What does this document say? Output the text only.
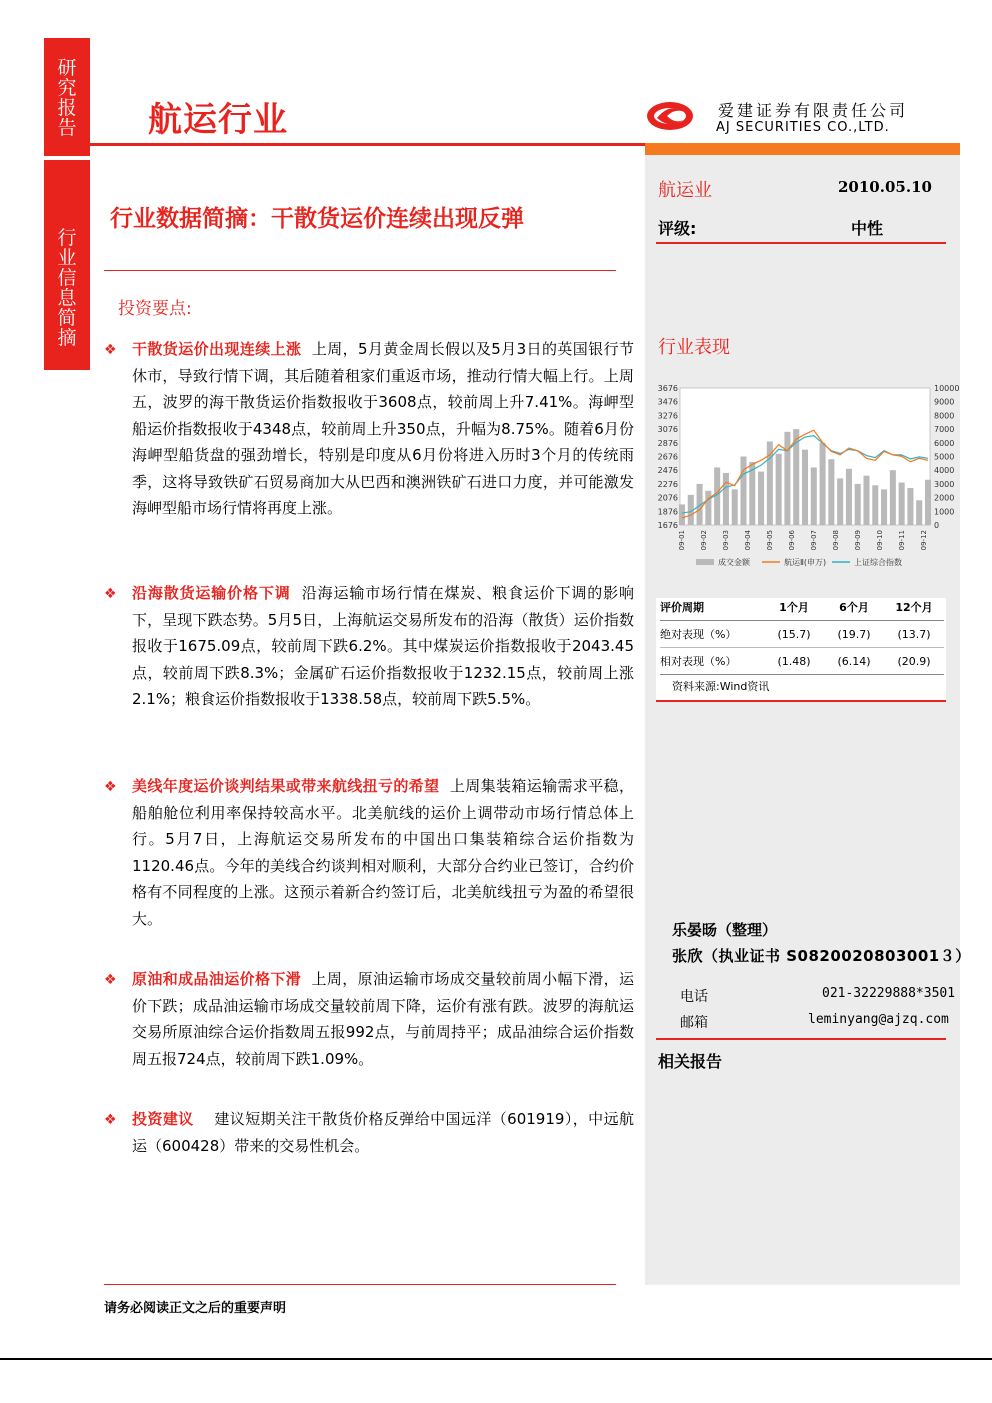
研究报告
行业信息简摘
航运行业	爱建证券有限责任公司
AJ SECURITIES CO.,LTD.
航运业	2010.05.10
评级:	中性
行业表现
3676
3476
3276
3076
2876
2676
2476
2276
2076
1876
1676
10000
9000
8000
7000
6000
5000
4000
3000
2000
1000
0
09-01 09-02 09-03 09-04 09-05 09-06 09-07 09-08 09-09 09-10 09-11 09-12
成交金额	航运Ⅱ(申万)	上证综合指数
评价周期	1个月	6个月	12个月
绝对表现（%）	(15.7)	(19.7)	(13.7)
相对表现（%）	(1.48)	(6.14)	(20.9)
资料来源:Wind资讯
乐晏旸（整理）
张欣（执业证书 S0820020803001３）
电话	021-32229888*3501
邮箱	leminyang@ajzq.com
相关报告
行业数据简摘：干散货运价连续出现反弹
投资要点:
❖ 干散货运价出现连续上涨 上周，5月黄金周长假以及5月3日的英国银行节休市，导致行情下调，其后随着租家们重返市场，推动行情大幅上行。上周五，波罗的海干散货运价指数报收于3608点，较前周上升7.41%。海岬型船运价指数报收于4348点，较前周上升350点，升幅为8.75%。随着6月份海岬型船货盘的强劲增长，特别是印度从6月份将进入历时3个月的传统雨季，这将导致铁矿石贸易商加大从巴西和澳洲铁矿石进口力度，并可能激发海岬型船市场行情将再度上涨。
❖ 沿海散货运输价格下调 沿海运输市场行情在煤炭、粮食运价下调的影响下，呈现下跌态势。5月5日，上海航运交易所发布的沿海（散货）运价指数报收于1675.09点，较前周下跌6.2%。其中煤炭运价指数报收于2043.45点，较前周下跌8.3%；金属矿石运价指数报收于1232.15点，较前周上涨2.1%；粮食运价指数报收于1338.58点，较前周下跌5.5%。
❖ 美线年度运价谈判结果或带来航线扭亏的希望 上周集装箱运输需求平稳，船舶舱位利用率保持较高水平。北美航线的运价上调带动市场行情总体上行。5月7日，上海航运交易所发布的中国出口集装箱综合运价指数为1120.46点。今年的美线合约谈判相对顺利，大部分合约业已签订，合约价格有不同程度的上涨。这预示着新合约签订后，北美航线扭亏为盈的希望很大。
❖ 原油和成品油运价格下滑 上周，原油运输市场成交量较前周小幅下滑，运价下跌；成品油运输市场成交量较前周下降，运价有涨有跌。波罗的海航运交易所原油综合运价指数周五报992点，与前周持平；成品油综合运价指数周五报724点，较前周下跌1.09%。
❖ 投资建议 建议短期关注干散货价格反弹给中国远洋（601919），中远航运（600428）带来的交易性机会。
请务必阅读正文之后的重要声明
